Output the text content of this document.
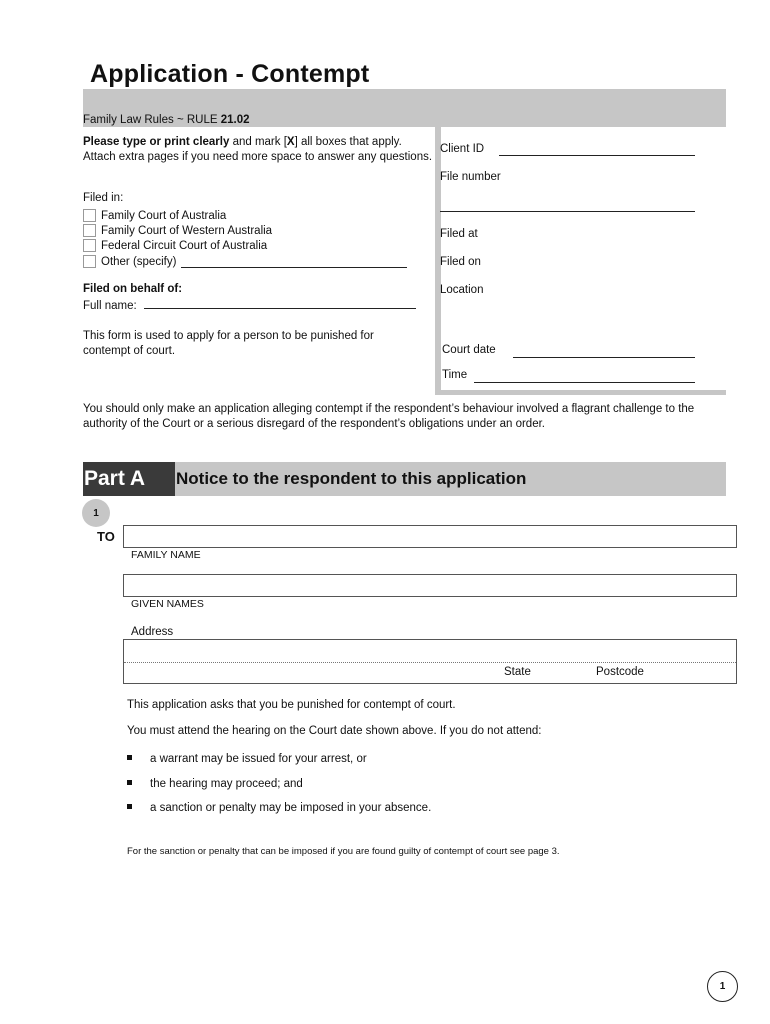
Application - Contempt
Family Law Rules ~ RULE 21.02
Please type or print clearly and mark [X] all boxes that apply. Attach extra pages if you need more space to answer any questions.
Filed in:
Family Court of Australia
Family Court of Western Australia
Federal Circuit Court of Australia
Other (specify)
Filed on behalf of:
Full name:
This form is used to apply for a person to be punished for contempt of court.
Client ID
File number
Filed at
Filed on
Location
Court date
Time
You should only make an application alleging contempt if the respondent’s behaviour involved a flagrant challenge to the authority of the Court or a serious disregard of the respondent’s obligations under an order.
Part A Notice to the respondent to this application
1
TO
FAMILY NAME
GIVEN NAMES
Address
State	Postcode
This application asks that you be punished for contempt of court.
You must attend the hearing on the Court date shown above. If you do not attend:
a warrant may be issued for your arrest, or
the hearing may proceed; and
a sanction or penalty may be imposed in your absence.
For the sanction or penalty that can be imposed if you are found guilty of contempt of court see page 3.
1
